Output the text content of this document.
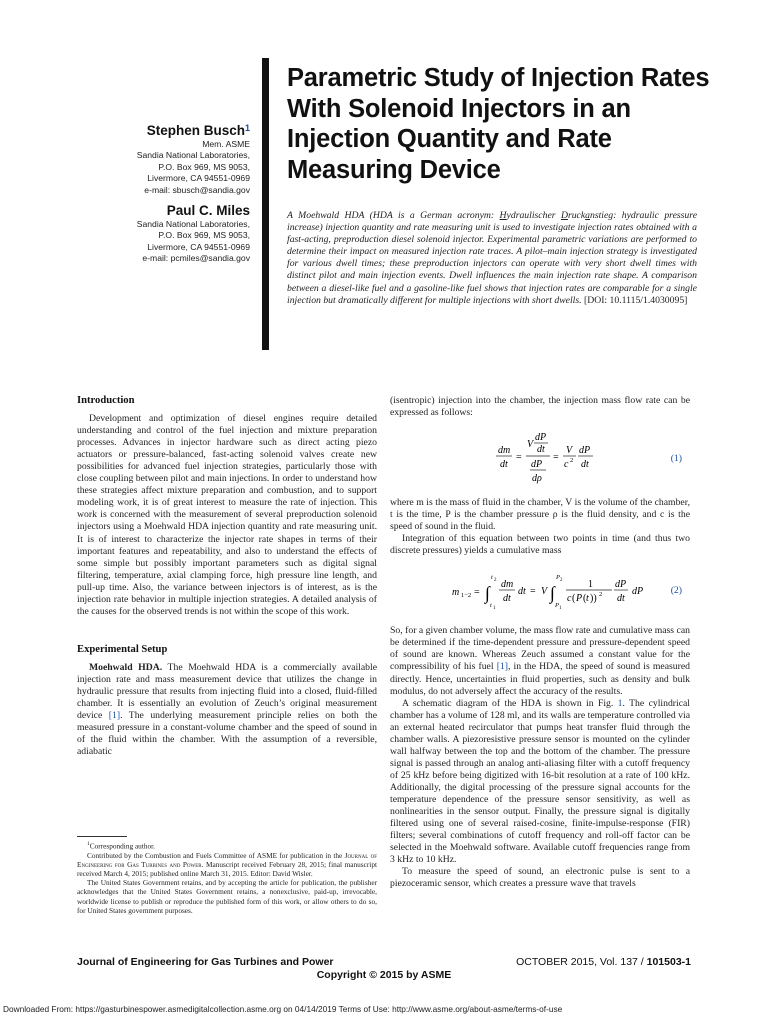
Stephen Busch$^1$
Mem. ASME
Sandia National Laboratories,
P.O. Box 969, MS 9053,
Livermore, CA 94551-0969
e-mail: sbusch@sandia.gov
Paul C. Miles
Sandia National Laboratories,
P.O. Box 969, MS 9053,
Livermore, CA 94551-0969
e-mail: pcmiles@sandia.gov
Parametric Study of Injection Rates With Solenoid Injectors in an Injection Quantity and Rate Measuring Device
A Moehwald HDA (HDA is a German acronym: Hydraulischer Druckanstieg: hydraulic pressure increase) injection quantity and rate measuring unit is used to investigate injection rates obtained with a fast-acting, preproduction diesel solenoid injector. Experimental parametric variations are performed to determine their impact on measured injection rate traces. A pilot–main injection strategy is investigated for various dwell times; these preproduction injectors can operate with very short dwell times with distinct pilot and main injection events. Dwell influences the main injection rate shape. A comparison between a diesel-like fuel and a gasoline-like fuel shows that injection rates are comparable for a single injection but dramatically different for multiple injections with short dwells. [DOI: 10.1115/1.4030095]
Introduction

Development and optimization of diesel engines require detailed understanding and control of the fuel injection and mixture preparation processes. Advances in injector hardware such as direct acting piezo actuators or pressure-balanced, fast-acting solenoid valves create new possibilities for advanced fuel injection strategies, particularly those with close coupling between pilot and main injections. In order to understand how these strategies affect mixture preparation and combustion, and to support modeling work, it is of great interest to measure the rate of injection. This work is concerned with the measurement of several preproduction solenoid injectors using a Moehwald HDA injection quantity and rate measuring unit. It is of interest to characterize the injector rate shapes in terms of their important features and repeatability, and also to understand the effects of some simple but possibly important parameters such as digital signal filtering, temperature, axial clamping force, high pressure line length, and pull-up time. Also, the variance between injectors is of interest, as is the injection rate behavior in multiple injection strategies. A detailed analysis of the causes for the observed trends is not within the scope of this work.

Experimental Setup

Moehwald HDA. The Moehwald HDA is a commercially available injection rate and mass measurement device that utilizes the change in hydraulic pressure that results from injecting fluid into a closed, fluid-filled chamber. It is essentially an evolution of Zeuch’s original measurement device [1]. The underlying measurement principle relies on both the measured pressure in a constant-volume chamber and the speed of sound in of the fluid within the chamber. With the assumption of a reversible, adiabatic

(isentropic) injection into the chamber, the injection mass flow rate can be expressed as follows:

dm
dt
=
V
dP
dt
dP
dρ
=
V
c 2
dP
dt
(1)

where m is the mass of fluid in the chamber, V is the volume of the chamber, t is the time, P is the chamber pressure ρ is the fluid density, and c is the speed of sound in the fluid.

Integration of this equation between two points in time (and thus two discrete pressures) yields a cumulative mass

m 1−2 = ∫
t 2
t 1
dm
dt
dt = V ∫
P 2
P 1
1
c ( P ( t )) 2
dP
dt
dP	(2)

So, for a given chamber volume, the mass flow rate and cumulative mass can be determined if the time-dependent pressure and pressure-dependent speed of sound are known. Whereas Zeuch assumed a constant value for the compressibility of his fuel [1], in the HDA, the speed of sound is measured directly. Hence, uncertainties in fluid properties, such as density and bulk modulus, do not adversely affect the accuracy of the results.

A schematic diagram of the HDA is shown in Fig. 1. The cylindrical chamber has a volume of 128 ml, and its walls are temperature controlled via an external heated recirculator that pumps heat transfer fluid through the chamber walls. A piezoresistive pressure sensor is mounted on the cylinder wall halfway between the top and the bottom of the chamber. The pressure signal is passed through an analog anti-aliasing filter with a cutoff frequency of 25 kHz before being digitized with 16-bit resolution at a rate of 100 kHz. Additionally, the digital processing of the pressure signal accounts for the temperature dependence of the pressure sensor sensitivity, as well as nonlinearities in the sensor output. Finally, the pressure signal is digitally filtered using one of several raised-cosine, finite-impulse-response (FIR) filters; several combinations of cutoff frequency and roll-off factor can be selected in the Moehwald software. Available cutoff frequencies range from 3 kHz to 10 kHz.

To measure the speed of sound, an electronic pulse is sent to a piezoceramic sensor, which creates a pressure wave that travels

$^1$Corresponding author.

Contributed by the Combustion and Fuels Committee of ASME for publication in the Journal of Engineering for Gas Turbines and Power. Manuscript received February 28, 2015; final manuscript received March 4, 2015; published online March 31, 2015. Editor: David Wisler.

The United States Government retains, and by accepting the article for publication, the publisher acknowledges that the United States Government retains, a nonexclusive, paid-up, irrevocable, worldwide license to publish or reproduce the published form of this work, or allow others to do so, for United States government purposes.

Journal of Engineering for Gas Turbines and Power	OCTOBER 2015, Vol. 137 / 101503-1
Copyright © 2015 by ASME
Downloaded From: https://gasturbinespower.asmedigitalcollection.asme.org on 04/14/2019 Terms of Use: http://www.asme.org/about-asme/terms-of-use
